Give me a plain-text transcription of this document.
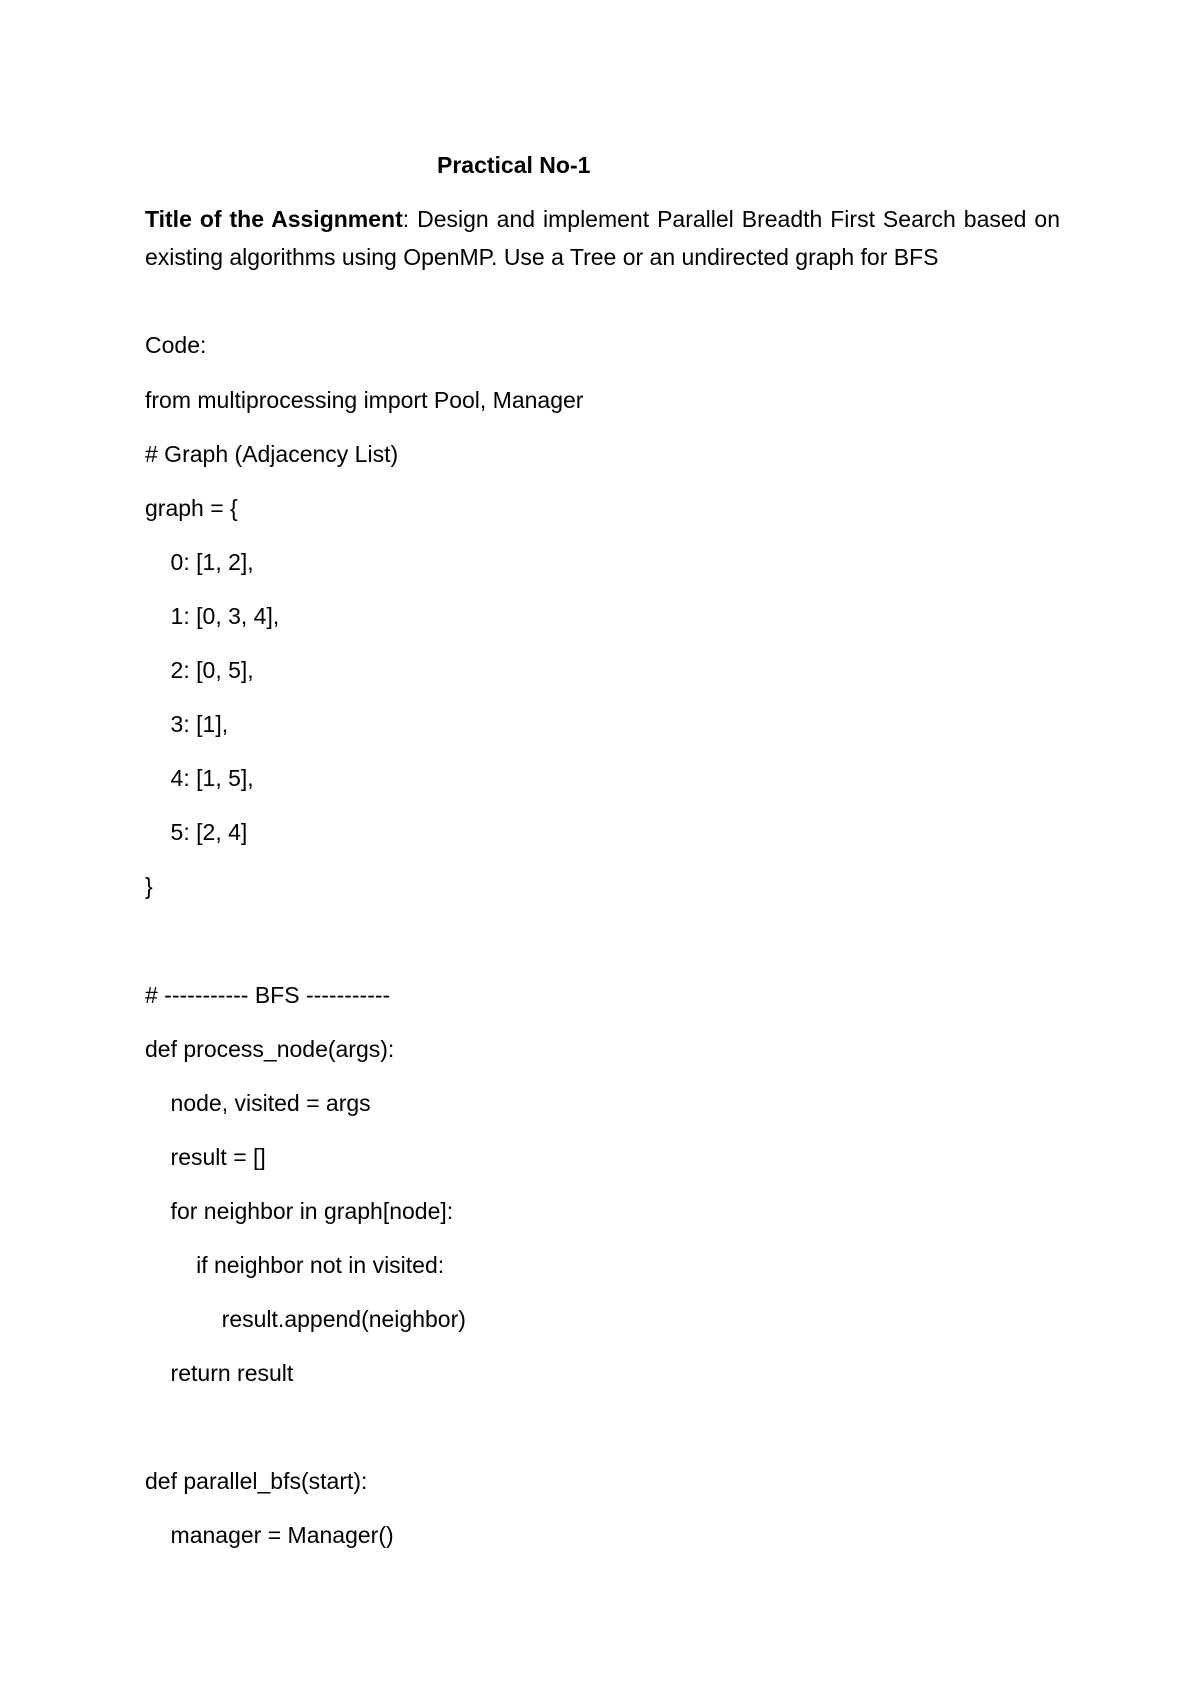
Practical No-1
Title of the Assignment: Design and implement Parallel Breadth First Search based on existing algorithms using OpenMP. Use a Tree or an undirected graph for BFS
Code:
from multiprocessing import Pool, Manager
# Graph (Adjacency List)
graph = {
0: [1, 2],
1: [0, 3, 4],
2: [0, 5],
3: [1],
4: [1, 5],
5: [2, 4]
}
# ----------- BFS -----------
def process_node(args):
node, visited = args
result = []
for neighbor in graph[node]:
if neighbor not in visited:
result.append(neighbor)
return result
def parallel_bfs(start):
manager = Manager()
